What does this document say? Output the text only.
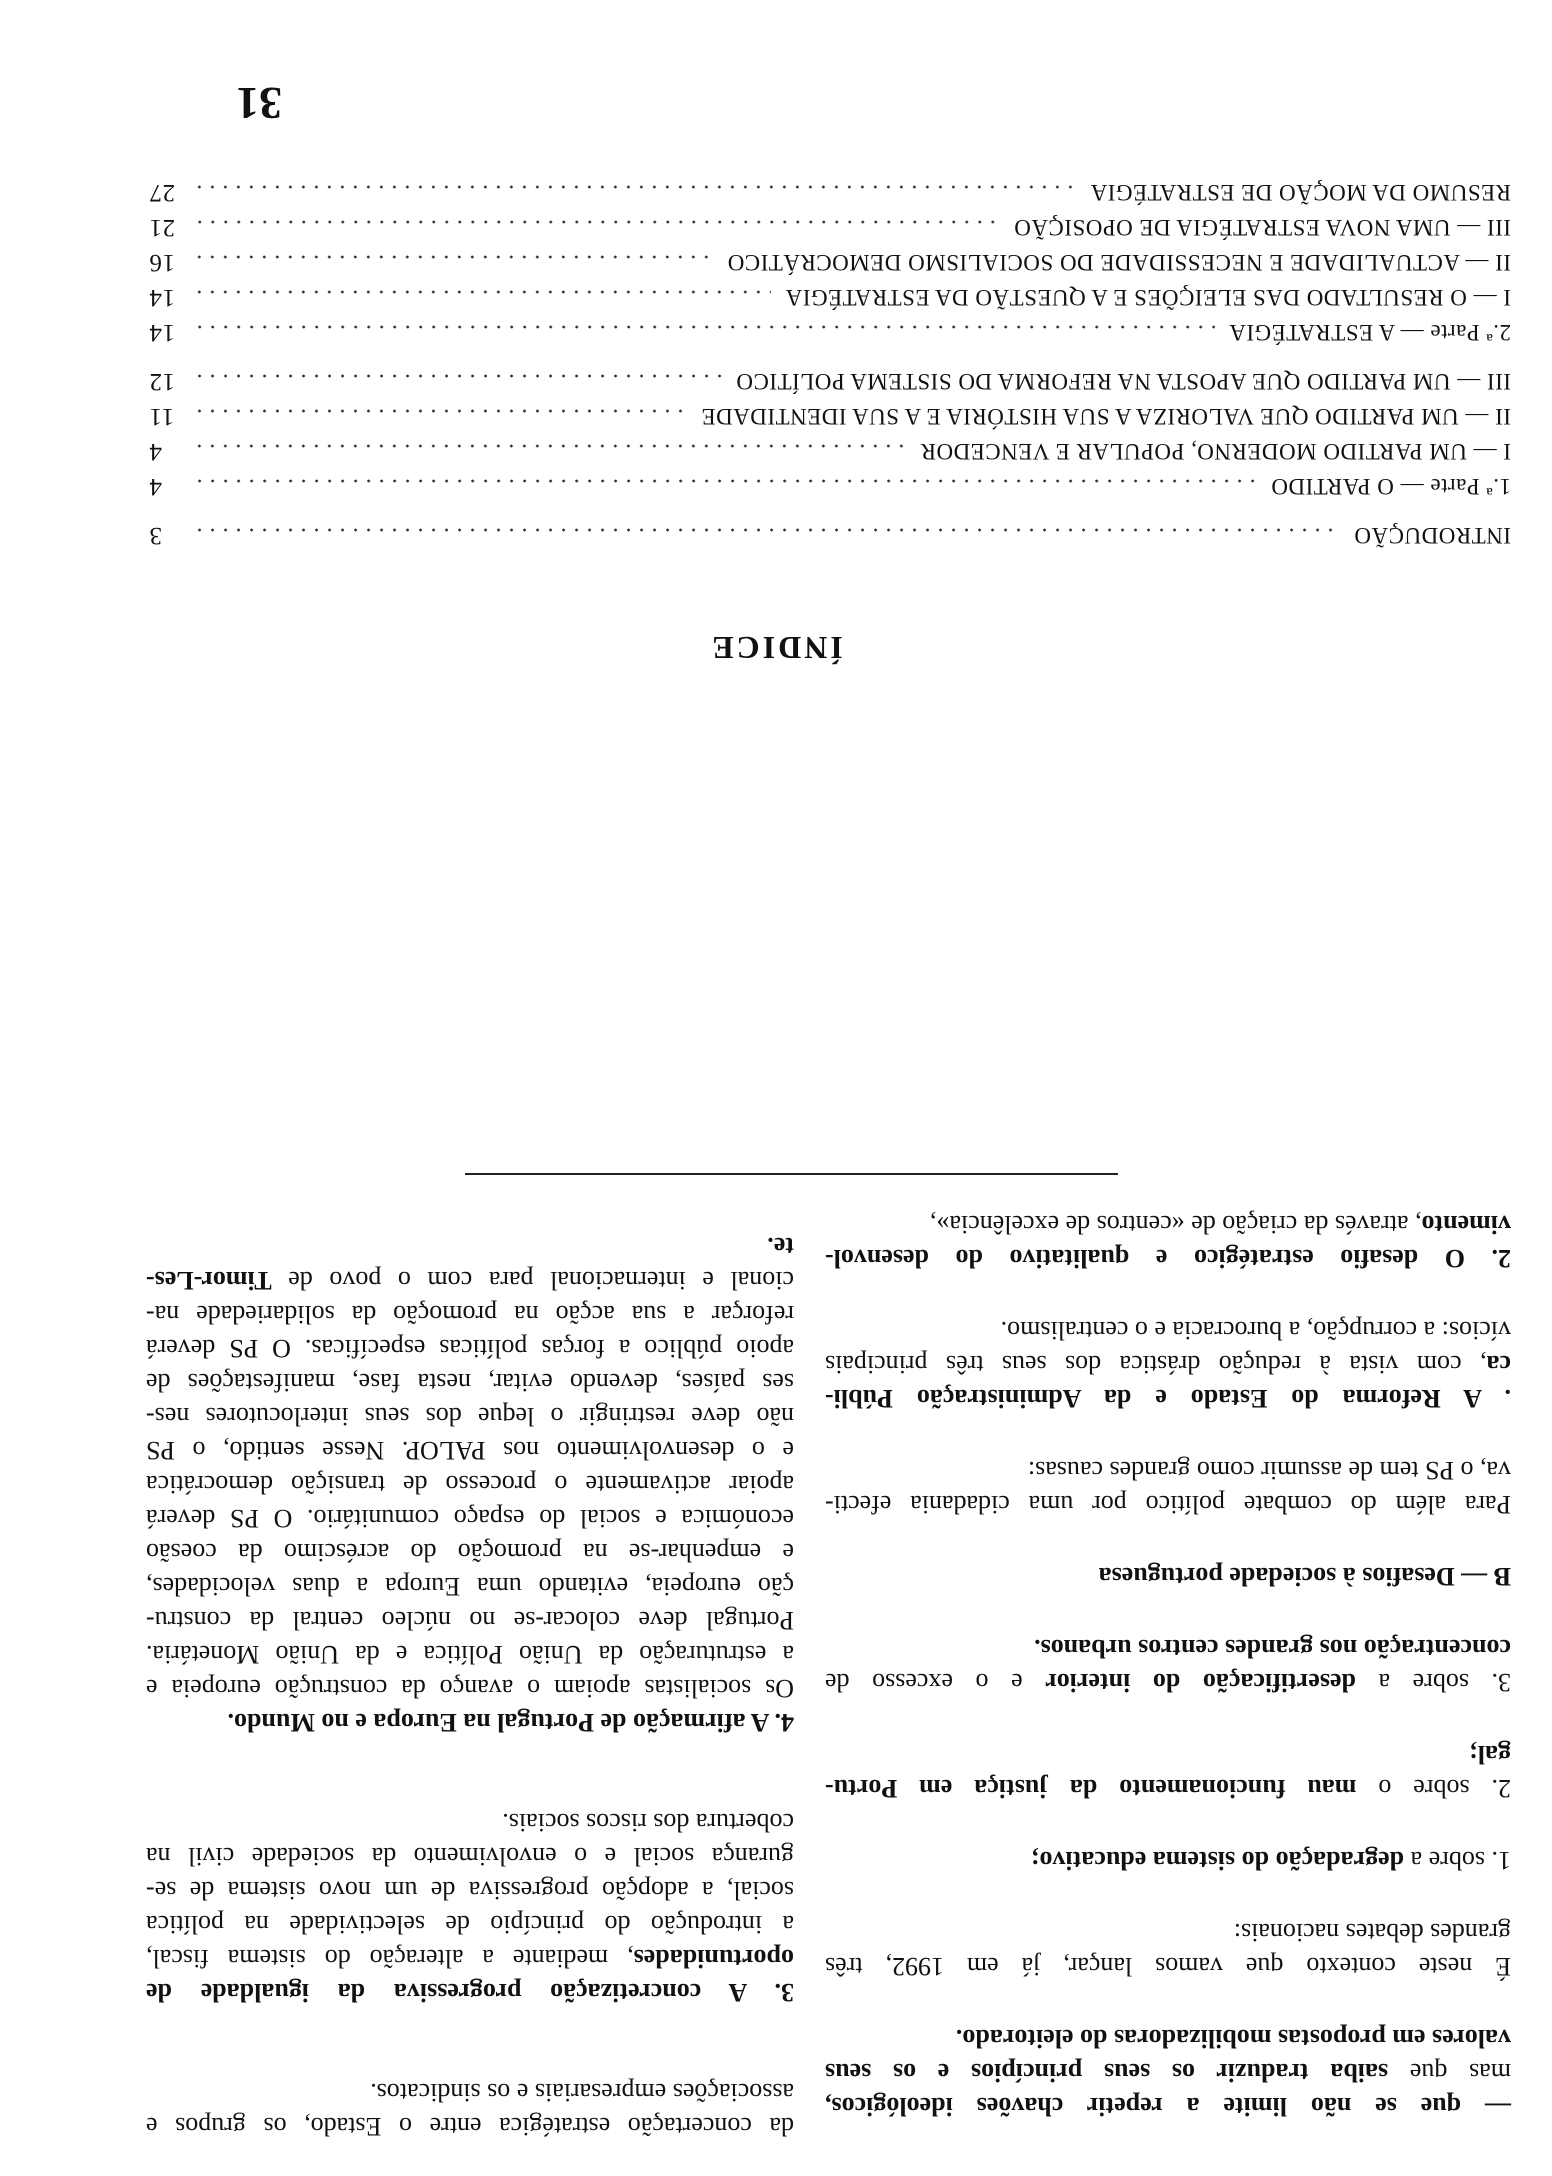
— que se não limite a repetir chavões ideológicos,
mas que saiba traduzir os seus princípios e os seus
valores em propostas mobilizadoras do eleitorado.
É neste contexto que vamos lançar, já em 1992, três
grandes debates nacionais:
1. sobre a degradação do sistema educativo;
2. sobre o mau funcionamento da justiça em Portu-
gal;
3. sobre a desertificação do interior e o excesso de
concentração nos grandes centros urbanos.
B — Desafios à sociedade portuguesa
Para além do combate político por uma cidadania efecti-
va, o PS tem de assumir como grandes causas:
. A Reforma do Estado e da Administração Públi-
ca, com vista à redução drástica dos seus três principais
vícios: a corrupção, a burocracia e o centralismo.
2. O desafio estratégico e qualitativo do desenvol-
vimento, através da criação de «centros de excelência»,
da concertação estratégica entre o Estado, os grupos e
associações empresariais e os sindicatos.
3. A concretização progressiva da igualdade de
oportunidades, mediante a alteração do sistema fiscal,
a introdução do princípio de selectividade na política
social, a adopção progressiva de um novo sistema de se-
gurança social e o envolvimento da sociedade civil na
cobertura dos riscos sociais.
4. A afirmação de Portugal na Europa e no Mundo.
Os socialistas apoiam o avanço da construção europeia e
a estruturação da União Política e da União Monetária.
Portugal deve colocar-se no núcleo central da constru-
ção europeia, evitando uma Europa a duas velocidades,
e empenhar-se na promoção do acréscimo da coesão
económica e social do espaço comunitário. O PS deverá
apoiar activamente o processo de transição democrática
e o desenvolvimento nos PALOP. Nesse sentido, o PS
não deve restringir o leque dos seus interlocutores nes-
ses países, devendo evitar, nesta fase, manifestações de
apoio público a forças políticas específicas. O PS deverá
reforçar a sua acção na promoção da solidariedade na-
cional e internacional para com o povo de Timor-Les-
te.
ÍNDICE
INTRODUÇÃO
3
1.ª Parte — O PARTIDO
4
I — UM PARTIDO MODERNO, POPULAR E VENCEDOR
4
II — UM PARTIDO QUE VALORIZA A SUA HISTÓRIA E A SUA IDENTIDADE
11
III — UM PARTIDO QUE APOSTA NA REFORMA DO SISTEMA POLÍTICO
12
2.ª Parte — A ESTRATÉGIA
14
I — O RESULTADO DAS ELEIÇÕES E A QUESTÃO DA ESTRATÉGIA
14
II — ACTUALIDADE E NECESSIDADE DO SOCIALISMO DEMOCRÁTICO
16
III — UMA NOVA ESTRATÉGIA DE OPOSIÇÃO
21
RESUMO DA MOÇÃO DE ESTRATÉGIA
27
31
